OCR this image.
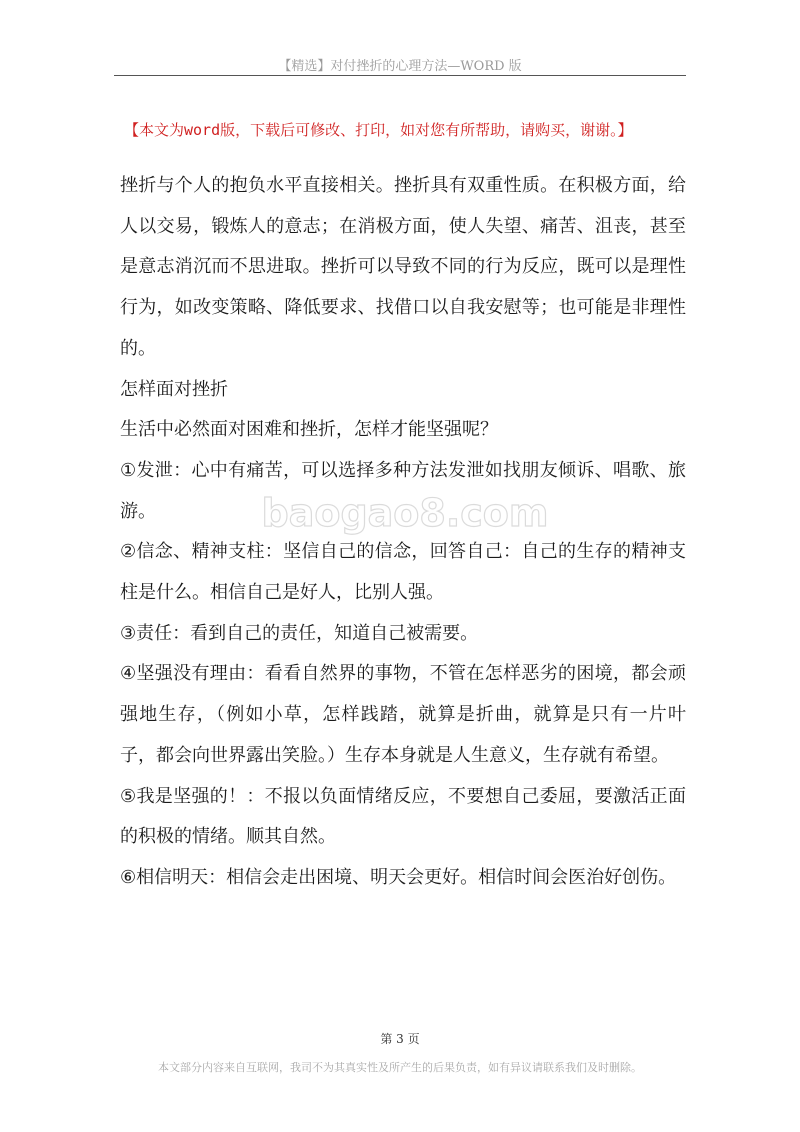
【精选】对付挫折的心理方法—WORD 版
【本文为word版，下载后可修改、打印，如对您有所帮助，请购买，谢谢。】

挫折与个人的抱负水平直接相关。挫折具有双重性质。在积极方面，给人以交易，锻炼人的意志；在消极方面，使人失望、痛苦、沮丧，甚至是意志消沉而不思进取。挫折可以导致不同的行为反应，既可以是理性行为，如改变策略、降低要求、找借口以自我安慰等；也可能是非理性的。

怎样面对挫折

生活中必然面对困难和挫折，怎样才能坚强呢？

①发泄：心中有痛苦，可以选择多种方法发泄如找朋友倾诉、唱歌、旅游。

②信念、精神支柱：坚信自己的信念，回答自己：自己的生存的精神支柱是什么。相信自己是好人，比别人强。

③责任：看到自己的责任，知道自己被需要。

④坚强没有理由：看看自然界的事物，不管在怎样恶劣的困境，都会顽强地生存，（例如小草，怎样践踏，就算是折曲，就算是只有一片叶子，都会向世界露出笑脸。）生存本身就是人生意义，生存就有希望。

⑤我是坚强的！：不报以负面情绪反应，不要想自己委屈，要激活正面的积极的情绪。顺其自然。

⑥相信明天：相信会走出困境、明天会更好。相信时间会医治好创伤。

baogao8.com
第 3 页
本文部分内容来自互联网，我司不为其真实性及所产生的后果负责，如有异议请联系我们及时删除。
